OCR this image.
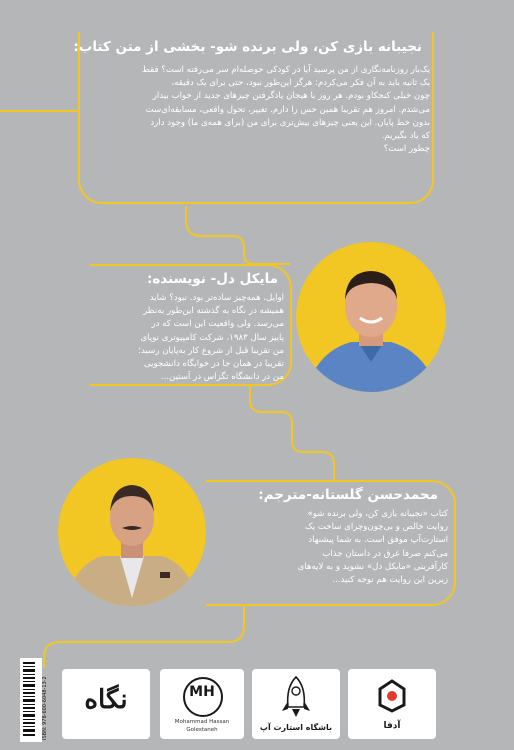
نجیبانه بازی کن، ولی برنده شو- بخشی از متن کتاب:
یک‌بار روزنامه‌نگاری از من پرسید آیا در کودکی حوصله‌ام سر می‌رفته است؟ فقط
یک ثانیه باید به آن فکر می‌کردم: هرگز این‌طور نبود، حتی برای یک دقیقه،
چون خیلی کنجکاو بودم. هر روز با هیجان یادگرفتن چیزهای جدید از خواب بیدار
می‌شدم. امروز هم تقریبا همین حس را دارم. تغییر، تحول واقعی، مسابقه‌ای‌ست
بدون خط پایان. این یعنی چیزهای بیش‌تری برای من (برای همه‌ی ما) وجود دارد
که یاد بگیریم.
چطور است؟
مایکل دل- نویسنده:
اوایل، همه‌چیز ساده‌تر بود. نبود؟ شاید
همیشه در نگاه به گذشته این‌طور به‌نظر
می‌رسد. ولی واقعیت این است که در
پاییز سال ۱۹۸۳، شرکت کامپیوتری نوپای
من تقریبا قبل از شروع کار به‌پایان رسید؛
تقریبا در همان جا در خوابگاه دانشجویی
من در دانشگاه تگزاس در آستین...
محمدحسن گلستانه-مترجم:
کتاب «نجیبانه بازی کن، ولی برنده شو»
روایت خالص و بی‌چون‌وچرای ساخت یک
استارت‌آپ موفق است. به شما پیشنهاد
می‌کنم صرفا غرق در داستان جذاب
کارآفرینی «مایکل دل» نشوید و به لایه‌های
زیرین این روایت هم توجه کنید...
ISBN: 978-600-6048-13-2	نگاه	MH
Mohammad Hassan
Golestaneh	باشگاه استارت آپ	آدفا
